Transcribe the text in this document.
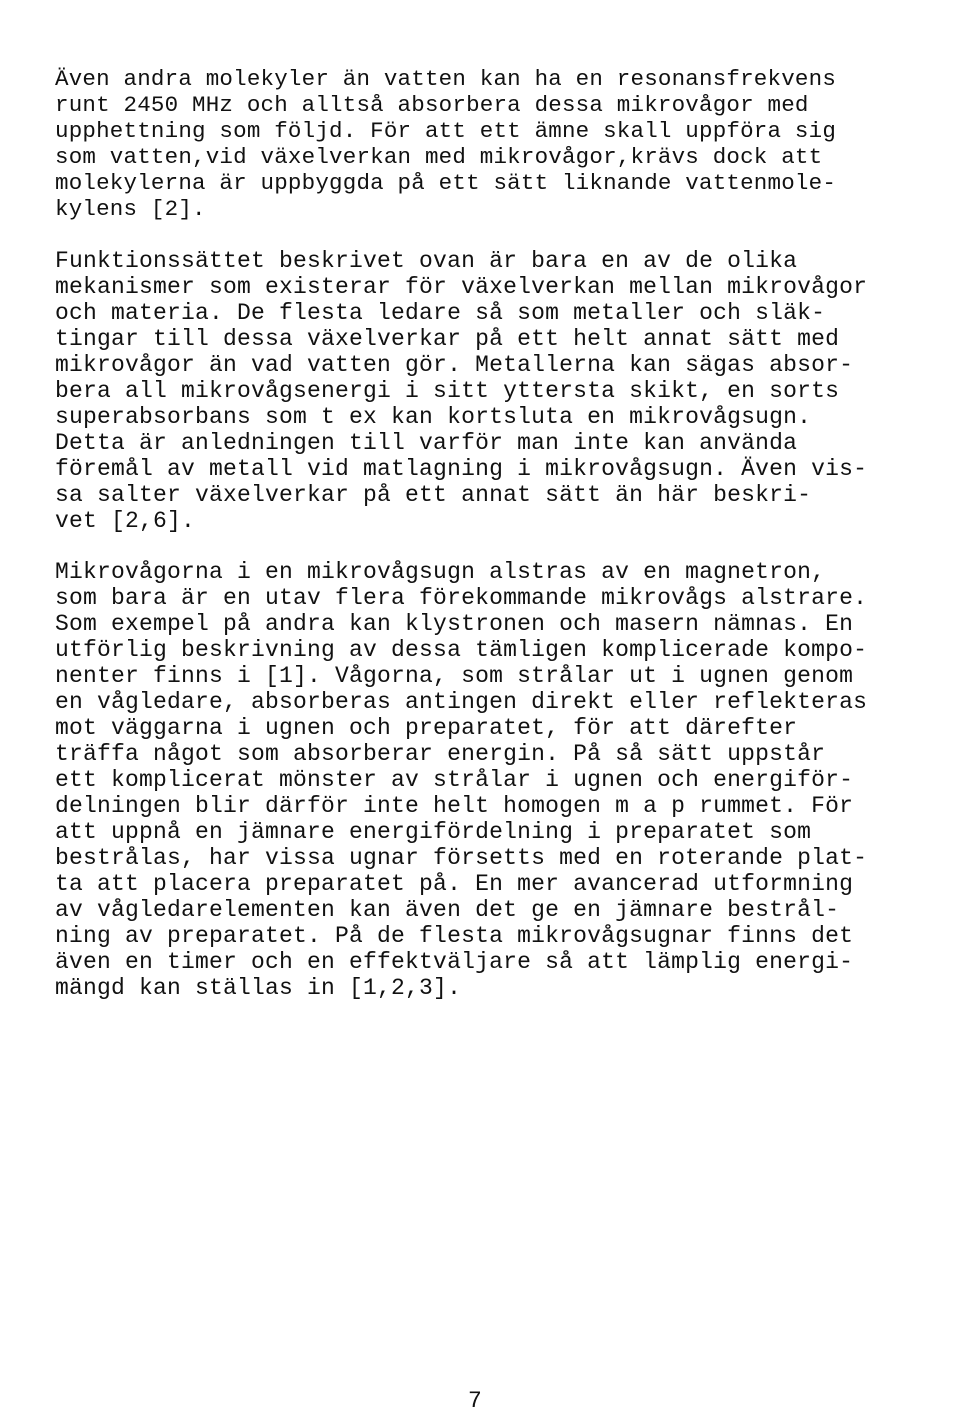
Även andra molekyler än vatten kan ha en resonansfrekvens
runt 2450 MHz och alltså absorbera dessa mikrovågor med
upphettning som följd. För att ett ämne skall uppföra sig
som vatten,vid växelverkan med mikrovågor,krävs dock att
molekylerna är uppbyggda på ett sätt liknande vattenmole-
kylens [2].

Funktionssättet beskrivet ovan är bara en av de olika
mekanismer som existerar för växelverkan mellan mikrovågor
och materia. De flesta ledare så som metaller och släk-
tingar till dessa växelverkar på ett helt annat sätt med
mikrovågor än vad vatten gör. Metallerna kan sägas absor-
bera all mikrovågsenergi i sitt yttersta skikt, en sorts
superabsorbans som t ex kan kortsluta en mikrovågsugn.
Detta är anledningen till varför man inte kan använda
föremål av metall vid matlagning i mikrovågsugn. Även vis-
sa salter växelverkar på ett annat sätt än här beskri-
vet [2,6].

Mikrovågorna i en mikrovågsugn alstras av en magnetron,
som bara är en utav flera förekommande mikrovågs alstrare.
Som exempel på andra kan klystronen och masern nämnas. En
utförlig beskrivning av dessa tämligen komplicerade kompo-
nenter finns i [1]. Vågorna, som strålar ut i ugnen genom
en vågledare, absorberas antingen direkt eller reflekteras
mot väggarna i ugnen och preparatet, för att därefter
träffa något som absorberar energin. På så sätt uppstår
ett komplicerat mönster av strålar i ugnen och energiför-
delningen blir därför inte helt homogen m a p rummet. För
att uppnå en jämnare energifördelning i preparatet som
bestrålas, har vissa ugnar försetts med en roterande plat-
ta att placera preparatet på. En mer avancerad utformning
av vågledarelementen kan även det ge en jämnare bestrål-
ning av preparatet. På de flesta mikrovågsugnar finns det
även en timer och en effektväljare så att lämplig energi-
mängd kan ställas in [1,2,3].

7
